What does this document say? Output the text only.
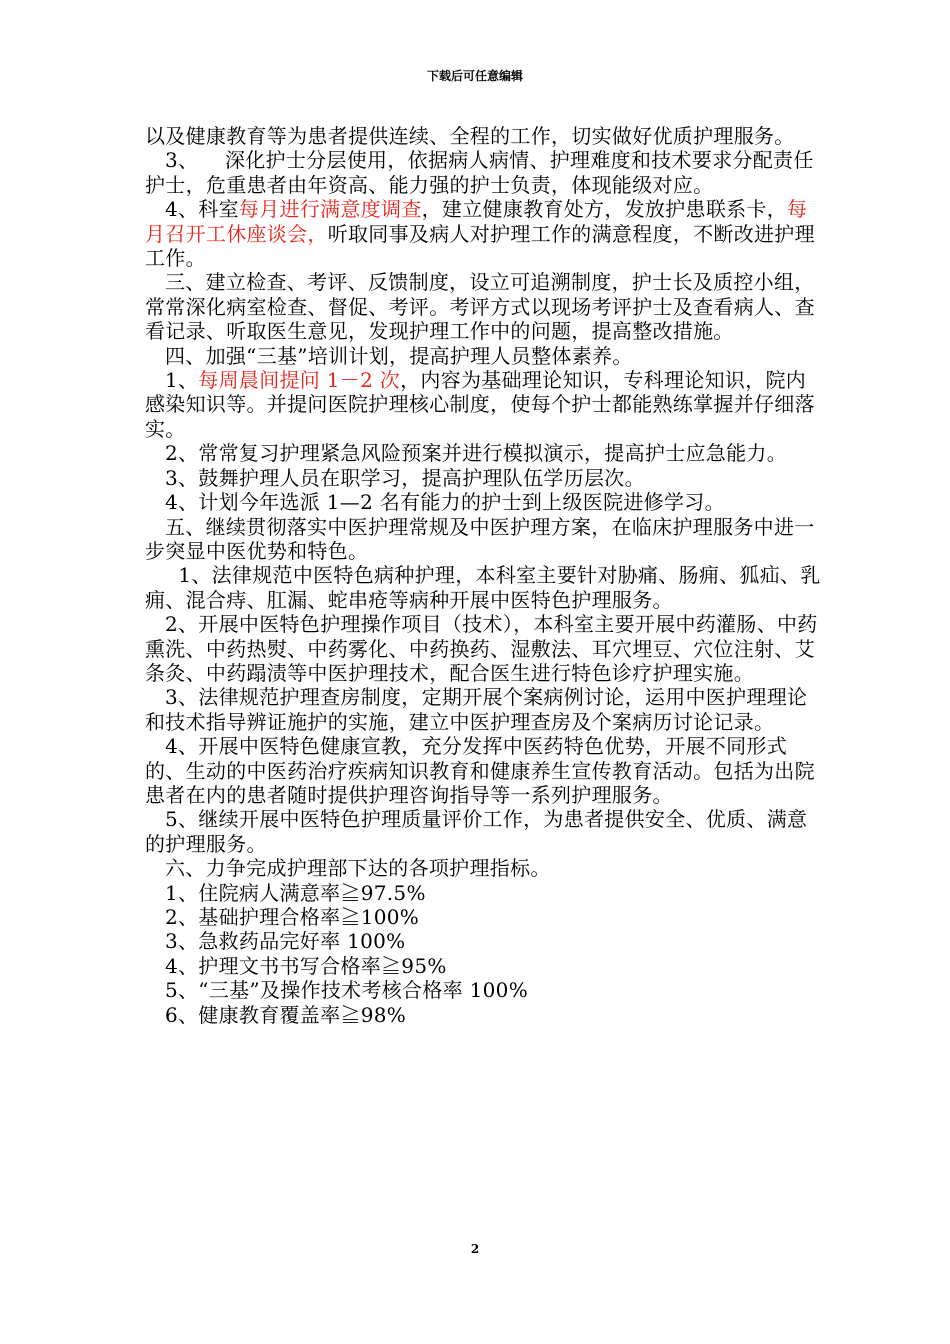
下载后可任意编辑

以及健康教育等为患者提供连续、全程的工作，切实做好优质护理服务。

3、    深化护士分层使用，依据病人病情、护理难度和技术要求分配责任护士，危重患者由年资高、能力强的护士负责，体现能级对应。

4、科室每月进行满意度调查，建立健康教育处方，发放护患联系卡，每月召开工休座谈会，听取同事及病人对护理工作的满意程度，不断改进护理工作。

三、建立检查、考评、反馈制度，设立可追溯制度，护士长及质控小组，常常深化病室检查、督促、考评。考评方式以现场考评护士及查看病人、查看记录、听取医生意见，发现护理工作中的问题，提高整改措施。

四、加强“三基”培训计划，提高护理人员整体素养。

1、每周晨间提问 1－2 次，内容为基础理论知识，专科理论知识，院内感染知识等。并提问医院护理核心制度，使每个护士都能熟练掌握并仔细落实。

2、常常复习护理紧急风险预案并进行模拟演示，提高护士应急能力。

3、鼓舞护理人员在职学习，提高护理队伍学历层次。

4、计划今年选派 1—2 名有能力的护士到上级医院进修学习。

五、继续贯彻落实中医护理常规及中医护理方案，在临床护理服务中进一步突显中医优势和特色。

1、法律规范中医特色病种护理，本科室主要针对胁痛、肠痈、狐疝、乳痈、混合痔、肛漏、蛇串疮等病种开展中医特色护理服务。

2、开展中医特色护理操作项目（技术），本科室主要开展中药灌肠、中药熏洗、中药热熨、中药雾化、中药换药、湿敷法、耳穴埋豆、穴位注射、艾条灸、中药蹋渍等中医护理技术，配合医生进行特色诊疗护理实施。

3、法律规范护理查房制度，定期开展个案病例讨论，运用中医护理理论和技术指导辨证施护的实施，建立中医护理查房及个案病历讨论记录。

4、开展中医特色健康宣教，充分发挥中医药特色优势，开展不同形式的、生动的中医药治疗疾病知识教育和健康养生宣传教育活动。包括为出院患者在内的患者随时提供护理咨询指导等一系列护理服务。

5、继续开展中医特色护理质量评价工作，为患者提供安全、优质、满意的护理服务。

六、力争完成护理部下达的各项护理指标。

1、住院病人满意率≧97.5%

2、基础护理合格率≧100%

3、急救药品完好率 100%

4、护理文书书写合格率≧95%

5、“三基”及操作技术考核合格率 100%

6、健康教育覆盖率≧98%

2
